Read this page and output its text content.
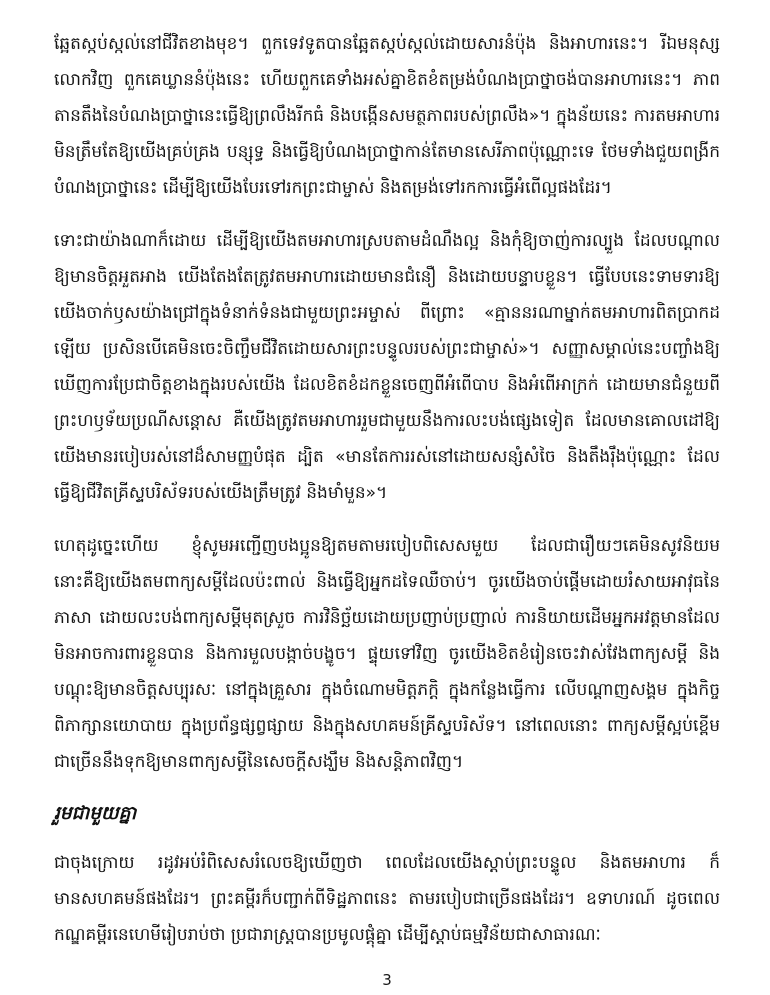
ឆ្អែតស្កប់ស្កល់នៅជីវិតខាងមុខ។ ពួកទេវទូតបានឆ្អែតស្កប់ស្កល់ដោយសារនំប៉ុង និងអាហារនេះ។ រីឯមនុស្សលោកវិញ ពួកគេឃ្លាននំប៉ុងនេះ ហើយពួកគេទាំងអស់គ្នាខិតខំតម្រង់បំណងប្រាថ្នាចង់បានអាហារនេះ។ ភាពតានតឹងនៃបំណងប្រាថ្នានេះធ្វើឱ្យព្រលឹងរីកធំ និងបង្កើនសមត្ថភាពរបស់ព្រលឹង»។ ក្នុងន័យនេះ ការតមអាហារមិនត្រឹមតែឱ្យយើងគ្រប់គ្រង បន្សុទ្ធ និងធ្វើឱ្យបំណងប្រាថ្នាកាន់តែមានសេរីភាពប៉ុណ្ណោះទេ ថែមទាំងជួយពង្រីកបំណងប្រាថ្នានេះ ដើម្បីឱ្យយើងបែរទៅរកព្រះជាម្ចាស់ និងតម្រង់ទៅរកការធ្វើអំពើល្អផងដែរ។

ទោះជាយ៉ាងណាក៏ដោយ ដើម្បីឱ្យយើងតមអាហារស្របតាមដំណឹងល្អ និងកុំឱ្យចាញ់ការល្បួង ដែលបណ្ដាលឱ្យមានចិត្តអួតអាង យើងតែងតែត្រូវតមអាហារដោយមានជំនឿ និងដោយបន្ទាបខ្លួន។ ធ្វើបែបនេះទាមទារឱ្យយើងចាក់ឫសយ៉ាងជ្រៅក្នុងទំនាក់ទំនងជាមួយព្រះអម្ចាស់ ពីព្រោះ «គ្មាននរណាម្នាក់តមអាហារពិតប្រាកដឡើយ ប្រសិនបើគេមិនចេះចិញ្ចឹមជីវិតដោយសារព្រះបន្ទូលរបស់ព្រះជាម្ចាស់»។ សញ្ញាសម្គាល់នេះបញ្ចាំងឱ្យឃើញការប្រែជាចិត្តខាងក្នុងរបស់យើង ដែលខិតខំដកខ្លួនចេញពីអំពើបាប និងអំពើអាក្រក់ ដោយមានជំនួយពីព្រះហឫទ័យប្រណីសន្ដោស គឺយើងត្រូវតមអាហាររួមជាមួយនឹងការលះបង់ផ្សេងទៀត ដែលមានគោលដៅឱ្យយើងមានរបៀបរស់នៅដ៏សាមញ្ញបំផុត ដ្បិត «មានតែការរស់នៅដោយសន្សំសំចៃ និងតឹងរ៉ឹងប៉ុណ្ណោះ ដែលធ្វើឱ្យជីវិតគ្រីស្ទបរិស័ទរបស់យើងត្រឹមត្រូវ និងមាំមួន»។

ហេតុដូច្នេះហើយ ខ្ញុំសូមអញ្ជើញបងប្អូនឱ្យតមតាមរបៀបពិសេសមួយ ដែលជារឿយៗគេមិនសូវនិយម នោះគឺឱ្យយើងតមពាក្យសម្ដីដែលប៉ះពាល់ និងធ្វើឱ្យអ្នកដទៃឈឺចាប់។ ចូរយើងចាប់ផ្ដើមដោយរំសាយអាវុធនៃភាសា ដោយលះបង់ពាក្យសម្ដីមុតស្រួច ការវិនិច្ឆ័យដោយប្រញាប់ប្រញាល់ ការនិយាយដើមអ្នកអវត្តមានដែលមិនអាចការពារខ្លួនបាន និងការមួលបង្កាច់បង្ខូច។ ផ្ទុយទៅវិញ ចូរយើងខិតខំរៀនចេះវាស់វែងពាក្យសម្ដី និងបណ្ដុះឱ្យមានចិត្តសប្បុរសៈ នៅក្នុងគ្រួសារ ក្នុងចំណោមមិត្តភក្ដិ ក្នុងកន្លែងធ្វើការ លើបណ្ដាញសង្គម ក្នុងកិច្ចពិភាក្សានយោបាយ ក្នុងប្រព័ន្ធផ្សព្វផ្សាយ និងក្នុងសហគមន៍គ្រីស្ទបរិស័ទ។ នៅពេលនោះ ពាក្យសម្ដីស្អប់ខ្ពើមជាច្រើននឹងទុកឱ្យមានពាក្យសម្ដីនៃសេចក្ដីសង្ឃឹម និងសន្តិភាពវិញ។

រួមជាមួយគ្នា

ជាចុងក្រោយ រដូវអប់រំពិសេសរំលេចឱ្យឃើញថា ពេលដែលយើងស្ដាប់ព្រះបន្ទូល និងតមអាហារ ក៏មានសហគមន៍ផងដែរ។ ព្រះគម្ពីរក៏បញ្ជាក់ពីទិដ្ឋភាពនេះ តាមរបៀបជាច្រើនផងដែរ។ ឧទាហរណ៍ ដូចពេលកណ្ឌគម្ពីរនេហេមីរៀបរាប់ថា ប្រជារាស្ត្របានប្រមូលផ្ដុំគ្នា ដើម្បីស្ដាប់ធម្មវិន័យជាសាធារណៈ

3
